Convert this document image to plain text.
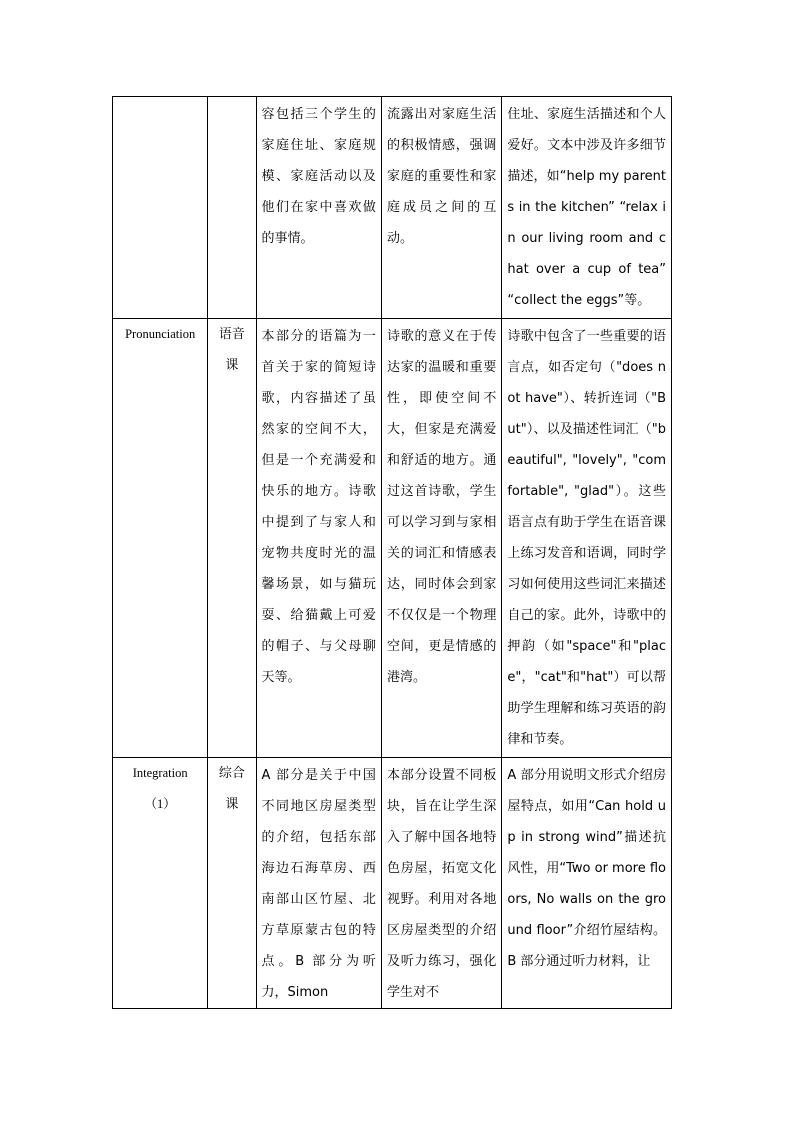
		容包括三个学生的家庭住址、家庭规模、家庭活动以及他们在家中喜欢做的事情。	流露出对家庭生活的积极情感，强调家庭的重要性和家庭成员之间的互动。	住址、家庭生活描述和个人爱好。文本中涉及许多细节描述，如“help my parents in the kitchen” “relax in our living room and chat over a cup of tea” “collect the eggs”等。

Pronunciation	语音课	本部分的语篇为一首关于家的简短诗歌，内容描述了虽然家的空间不大，但是一个充满爱和快乐的地方。诗歌中提到了与家人和宠物共度时光的温馨场景，如与猫玩耍、给猫戴上可爱的帽子、与父母聊天等。	诗歌的意义在于传达家的温暖和重要性，即使空间不大，但家是充满爱和舒适的地方。通过这首诗歌，学生可以学习到与家相关的词汇和情感表达，同时体会到家不仅仅是一个物理空间，更是情感的港湾。	诗歌中包含了一些重要的语言点，如否定句（"does not have"）、转折连词（"But"）、以及描述性词汇（"beautiful", "lovely", "comfortable", "glad"）。这些语言点有助于学生在语音课上练习发音和语调，同时学习如何使用这些词汇来描述自己的家。此外，诗歌中的押韵（如"space"和"place"，"cat"和"hat"）可以帮助学生理解和练习英语的韵律和节奏。

Integration
（1）	综合课	A 部分是关于中国不同地区房屋类型的介绍，包括东部海边石海草房、西南部山区竹屋、北方草原蒙古包的特点。B 部分为听力，Simon	本部分设置不同板块，旨在让学生深入了解中国各地特色房屋，拓宽文化视野。利用对各地区房屋类型的介绍及听力练习，强化学生对不	A 部分用说明文形式介绍房屋特点，如用“Can hold up in strong wind”描述抗风性，用“Two or more floors, No walls on the ground floor”介绍竹屋结构。B 部分通过听力材料，让
